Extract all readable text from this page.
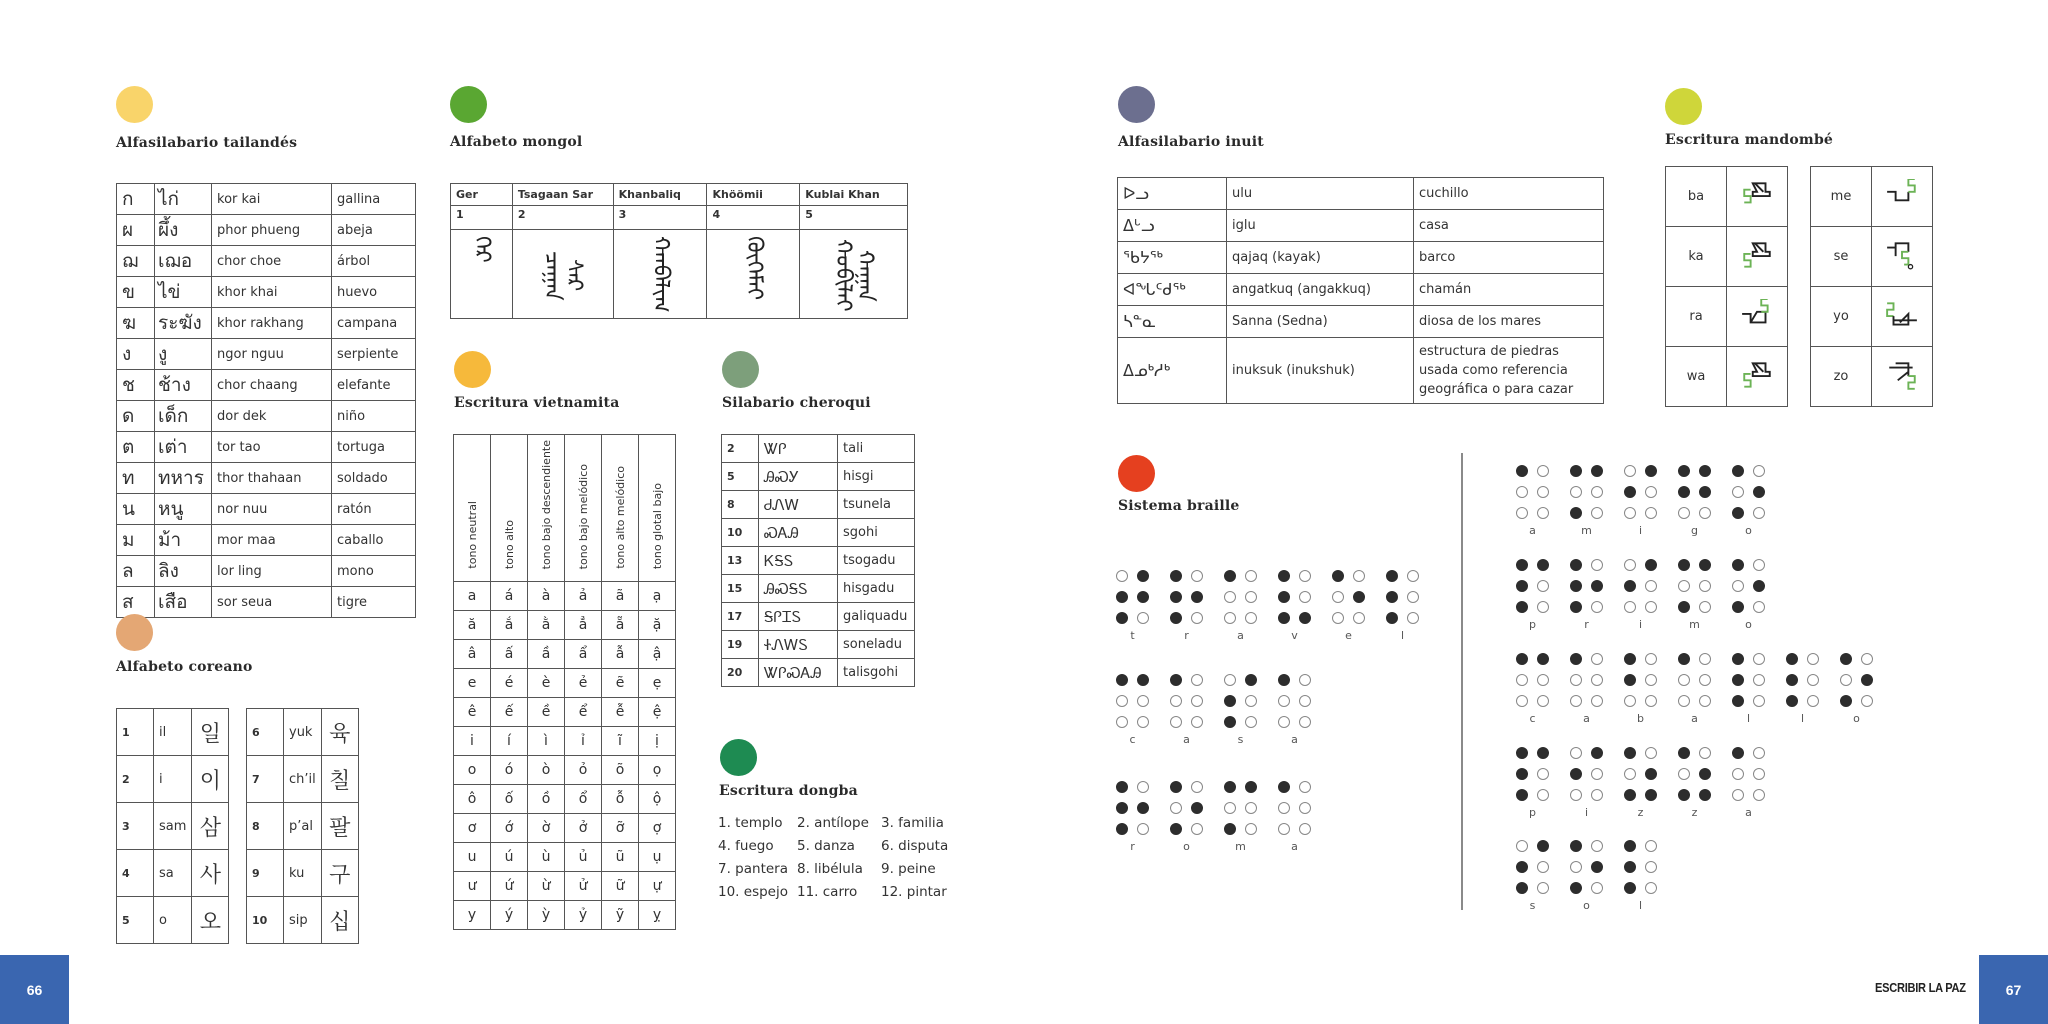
Alfasilabario tailandés
ก	ไก่	kor kai	gallina
ผ	ผึ้ง	phor phueng	abeja
ฌ	เฌอ	chor choe	árbol
ข	ไข่	khor khai	huevo
ฆ	ระฆัง	khor rakhang	campana
ง	งู	ngor nguu	serpiente
ช	ช้าง	chor chaang	elefante
ด	เด็ก	dor dek	niño
ต	เต่า	tor tao	tortuga
ท	ทหาร	thor thahaan	soldado
น	หนู	nor nuu	ratón
ม	ม้า	mor maa	caballo
ล	ลิง	lor ling	mono
ส	เสือ	sor seua	tigre
Alfabeto coreano
1	il	일
2	i	이
3	sam	삼
4	sa	사
5	o	오
6	yuk	육
7	ch’il	칠
8	p’al	팔
9	ku	구
10	sip	십
Alfabeto mongol
Ger	Tsagaan Sar	Khanbaliq	Khöömii	Kublai Khan
1	2	3	4	5
ᠭᠡᠷ	ᠴᠠᠭᠠᠨ ᠰᠠᠷ	ᠬᠠᠨᠪᠠᠯᠢᠭ	ᠬᠦᠭᠡᠮᠡᠢ	ᠬᠤᠪᠢᠯᠠᠢ ᠬᠠᠭᠠᠨ
Escritura vietnamita
tono neutral	tono alto	tono bajo descendiente	tono bajo melódico	tono alto melódico	tono glotal bajo
a	á	à	ả	ã	ạ
ă	ắ	ằ	ẳ	ẵ	ặ
â	ấ	ầ	ẩ	ẫ	ậ
e	é	è	ẻ	ẽ	ẹ
ê	ế	ề	ể	ễ	ệ
i	í	ì	ỉ	ĩ	ị
o	ó	ò	ỏ	õ	ọ
ô	ố	ồ	ổ	ỗ	ộ
ơ	ớ	ờ	ở	ỡ	ợ
u	ú	ù	ủ	ũ	ụ
ư	ứ	ừ	ử	ữ	ự
y	ý	ỳ	ỷ	ỹ	ỵ
Silabario cheroqui
2	ᏔᎵ	tali
5	ᎯᏍᎩ	hisgi
8	ᏧᏁᎳ	tsunela
10	ᏍᎪᎯ	sgohi
13	ᏦᎦᏚ	tsogadu
15	ᎯᏍᎦᏚ	hisgadu
17	ᎦᎵᏆᏚ	galiquadu
19	ᏐᏁᎳᏚ	soneladu
20	ᏔᎵᏍᎪᎯ	talisgohi
Escritura dongba
1. templo	2. antílope 3. familia
4. fuego	5. danza	6. disputa
7. pantera 8. libélula	9. peine
10. espejo 11. carro	12. pintar
Alfasilabario inuit
ᐅᓗ	ulu	cuchillo
ᐃᒡᓗ	iglu	casa
ᖃᔭᖅ	qajaq (kayak)	barco
ᐊᖓᑦᑯᖅ	angatkuq (angakkuq)	chamán
ᓴᓐᓇ	Sanna (Sedna)	diosa de los mares
ᐃᓄᒃᓱᒃ	inuksuk (inukshuk)	estructura de piedras usada como referencia geográfica o para cazar
Escritura mandombé
ba	
ka	
ra	
wa	
me	
se	
yo	
zo	
Sistema braille
t	r	a	v	e	l
c	a	s	a
r	o	m	a
a	m	i	g	o
p	r	i	m	o
c	a	b	a	l	l	o
p	i	z	z	a
s	o	l
66	ESCRIBIR LA PAZ	67
